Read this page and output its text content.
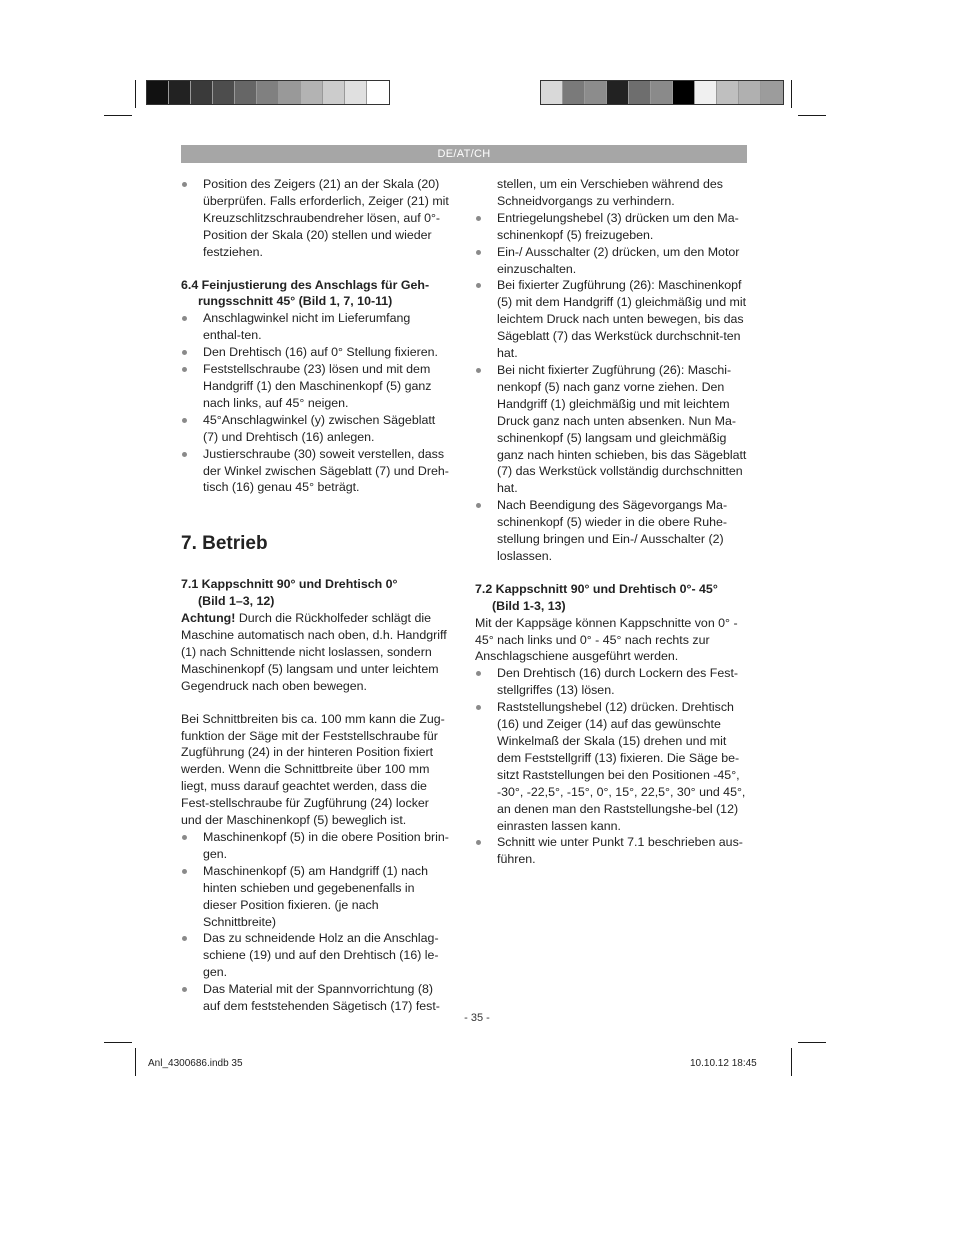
DE/AT/CH
Position des Zeigers (21) an der Skala (20) überprüfen. Falls erforderlich, Zeiger (21) mit Kreuzschlitzschraubendreher lösen, auf 0°-Position der Skala (20) stellen und wieder festziehen.

6.4 Feinjustierung des Anschlags für Geh-
rungsschnitt 45° (Bild 1, 7, 10-11)

Anschlagwinkel nicht im Lieferumfang enthal-ten.
Den Drehtisch (16) auf 0° Stellung fixieren.
Feststellschraube (23) lösen und mit dem Handgriff (1) den Maschinenkopf (5) ganz nach links, auf 45° neigen.
45°Anschlagwinkel (y) zwischen Sägeblatt (7) und Drehtisch (16) anlegen.
Justierschraube (30) soweit verstellen, dass der Winkel zwischen Sägeblatt (7) und Dreh-tisch (16) genau 45° beträgt.

7. Betrieb

7.1 Kappschnitt 90° und Drehtisch 0°
(Bild 1–3, 12)

Achtung! Durch die Rückholfeder schlägt die Maschine automatisch nach oben, d.h. Handgriff (1) nach Schnittende nicht loslassen, sondern Maschinenkopf (5) langsam und unter leichtem Gegendruck nach oben bewegen.

Bei Schnittbreiten bis ca. 100 mm kann die Zug-funktion der Säge mit der Feststellschraube für Zugführung (24) in der hinteren Position fixiert werden. Wenn die Schnittbreite über 100 mm liegt, muss darauf geachtet werden, dass die Fest-stellschraube für Zugführung (24) locker und der Maschinenkopf (5) beweglich ist.

Maschinenkopf (5) in die obere Position brin-gen.
Maschinenkopf (5) am Handgriff (1) nach hinten schieben und gegebenenfalls in dieser Position fixieren. (je nach Schnittbreite)
Das zu schneidende Holz an die Anschlag-schiene (19) und auf den Drehtisch (16) le-gen.
Das Material mit der Spannvorrichtung (8) auf dem feststehenden Sägetisch (17) fest-
stellen, um ein Verschieben während des Schneidvorgangs zu verhindern.
Entriegelungshebel (3) drücken um den Ma-schinenkopf (5) freizugeben.
Ein-/ Ausschalter (2) drücken, um den Motor einzuschalten.
Bei fixierter Zugführung (26): Maschinenkopf (5) mit dem Handgriff (1) gleichmäßig und mit leichtem Druck nach unten bewegen, bis das Sägeblatt (7) das Werkstück durchschnit-ten hat.
Bei nicht fixierter Zugführung (26): Maschi-nenkopf (5) nach ganz vorne ziehen. Den Handgriff (1) gleichmäßig und mit leichtem Druck ganz nach unten absenken. Nun Ma-schinenkopf (5) langsam und gleichmäßig ganz nach hinten schieben, bis das Sägeblatt (7) das Werkstück vollständig durchschnitten hat.
Nach Beendigung des Sägevorgangs Ma-schinenkopf (5) wieder in die obere Ruhe-stellung bringen und Ein-/ Ausschalter (2) loslassen.

7.2 Kappschnitt 90° und Drehtisch 0°- 45°
(Bild 1-3, 13)

Mit der Kappsäge können Kappschnitte von 0° - 45° nach links und 0° - 45° nach rechts zur Anschlagschiene ausgeführt werden.

Den Drehtisch (16) durch Lockern des Fest-stellgriffes (13) lösen.
Raststellungshebel (12) drücken. Drehtisch (16) und Zeiger (14) auf das gewünschte Winkelmaß der Skala (15) drehen und mit dem Feststellgriff (13) fixieren. Die Säge be-sitzt Raststellungen bei den Positionen -45°, -30°, -22,5°, -15°, 0°, 15°, 22,5°, 30° und 45°, an denen man den Raststellungshe-bel (12) einrasten lassen kann.
Schnitt wie unter Punkt 7.1 beschrieben aus-führen.
- 35 -
Anl_4300686.indb 35	10.10.12 18:45
